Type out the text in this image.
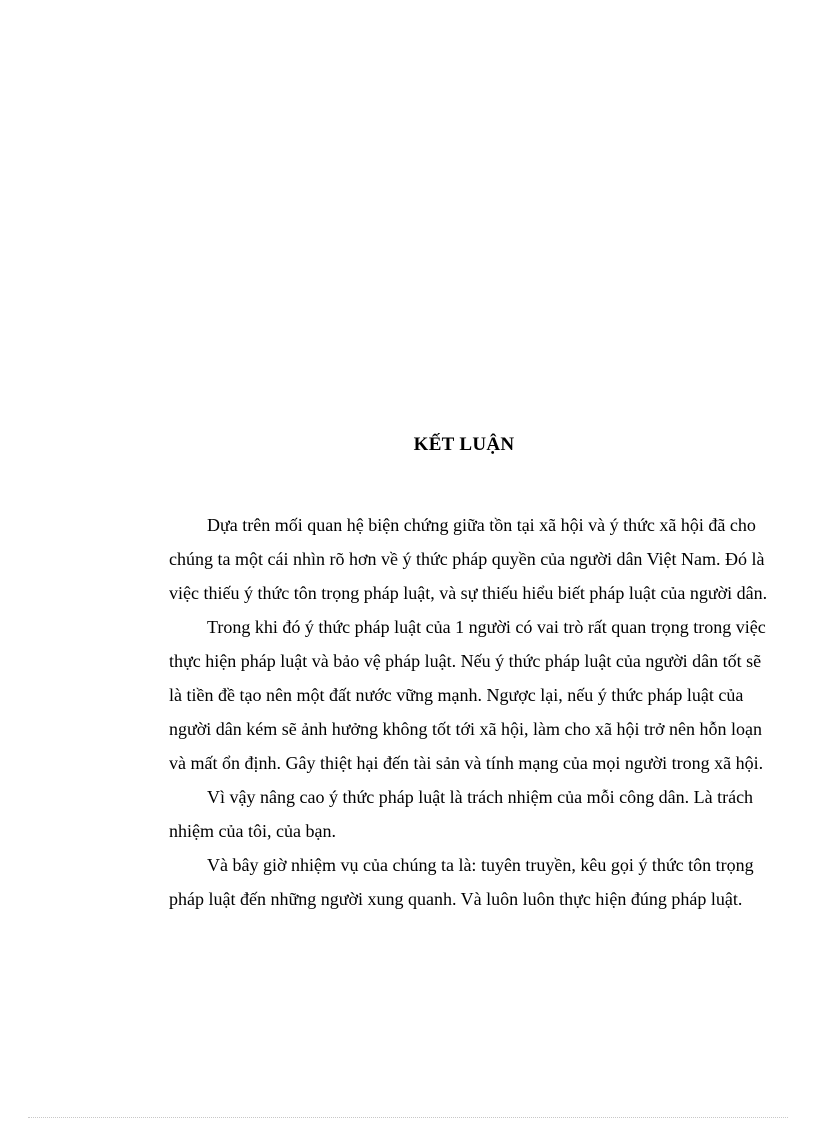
KẾT LUẬN
Dựa trên mối quan hệ biện chứng giữa tồn tại xã hội và ý thức xã hội đã cho
chúng ta một cái nhìn rõ hơn về ý thức pháp quyền của người dân Việt Nam. Đó là
việc thiếu ý thức tôn trọng pháp luật, và sự thiếu hiểu biết pháp luật của người dân.
Trong khi đó ý thức pháp luật của 1 người có vai trò rất quan trọng trong việc
thực hiện pháp luật và bảo vệ pháp luật. Nếu ý thức pháp luật của người dân tốt sẽ
là tiền đề tạo nên một đất nước vững mạnh. Ngược lại, nếu ý thức pháp luật của
người dân kém sẽ ảnh hưởng không tốt tới xã hội, làm cho xã hội trở nên hỗn loạn
và mất ổn định. Gây thiệt hại đến tài sản và tính mạng của mọi người trong xã hội.
Vì vậy nâng cao ý thức pháp luật là trách nhiệm của mỗi công dân. Là trách
nhiệm của tôi, của bạn.
Và bây giờ nhiệm vụ của chúng ta là: tuyên truyền, kêu gọi ý thức tôn trọng
pháp luật đến những người xung quanh. Và luôn luôn thực hiện đúng pháp luật.
